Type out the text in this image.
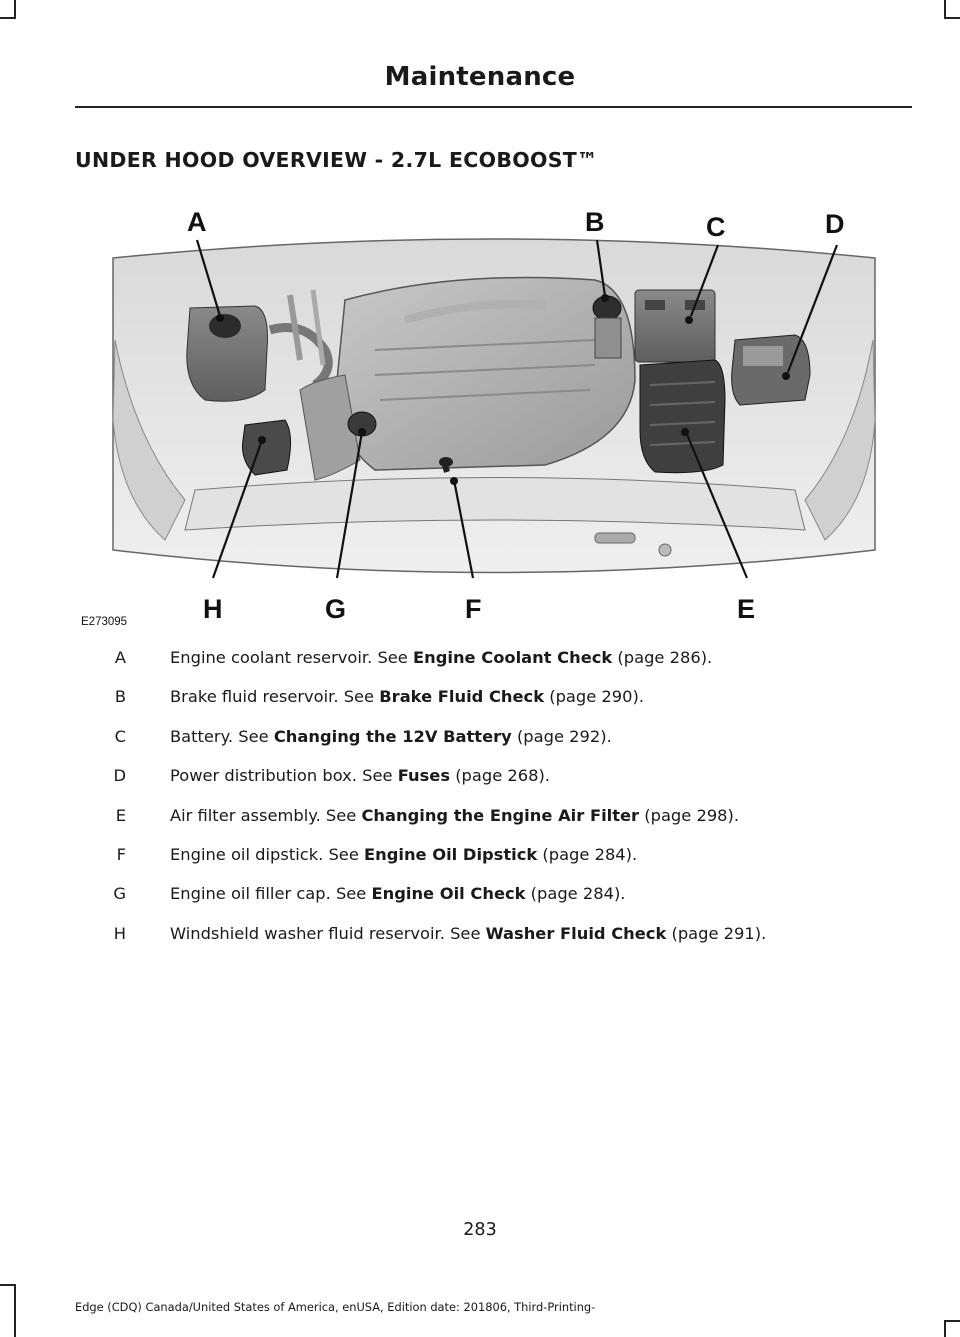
Maintenance
UNDER HOOD OVERVIEW - 2.7L ECOBOOST™
A	B	C	D
E
F
G
H
E273095
A	Engine coolant reservoir. See Engine Coolant Check (page 286).
B	Brake fluid reservoir. See Brake Fluid Check (page 290).
C	Battery. See Changing the 12V Battery (page 292).
D	Power distribution box. See Fuses (page 268).
E	Air filter assembly. See Changing the Engine Air Filter (page 298).
F	Engine oil dipstick. See Engine Oil Dipstick (page 284).
G	Engine oil filler cap. See Engine Oil Check (page 284).
H	Windshield washer fluid reservoir. See Washer Fluid Check (page 291).
283
Edge (CDQ) Canada/United States of America, enUSA, Edition date: 201806, Third-Printing-
